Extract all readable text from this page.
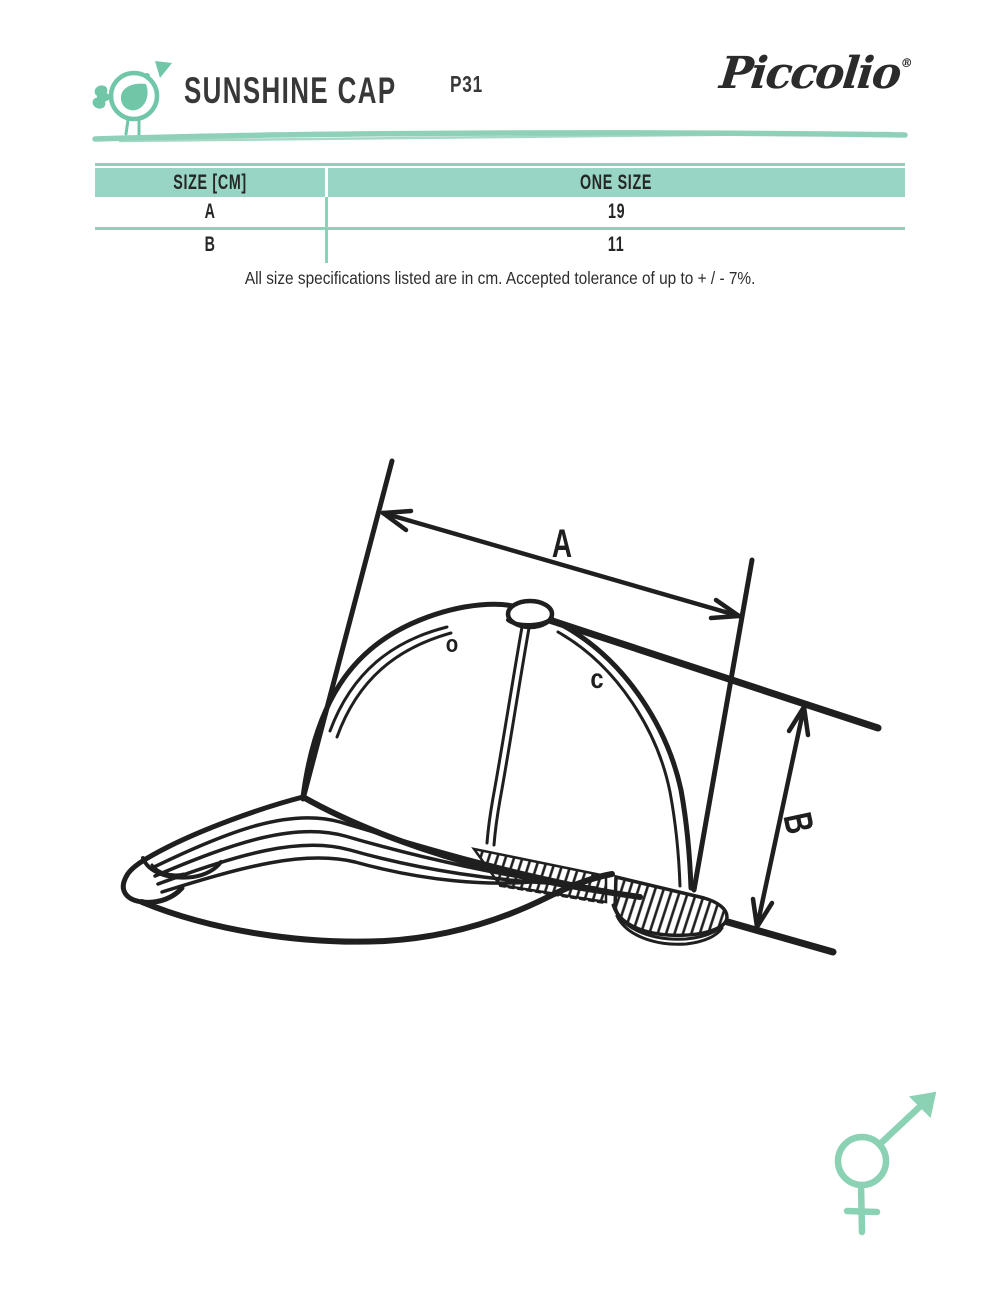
SUNSHINE CAP P31	Piccolio®
SIZE [CM]	ONE SIZE
A	19
B	11
All size specifications listed are in cm. Accepted tolerance of up to + / - 7%.
A
B
o
c
